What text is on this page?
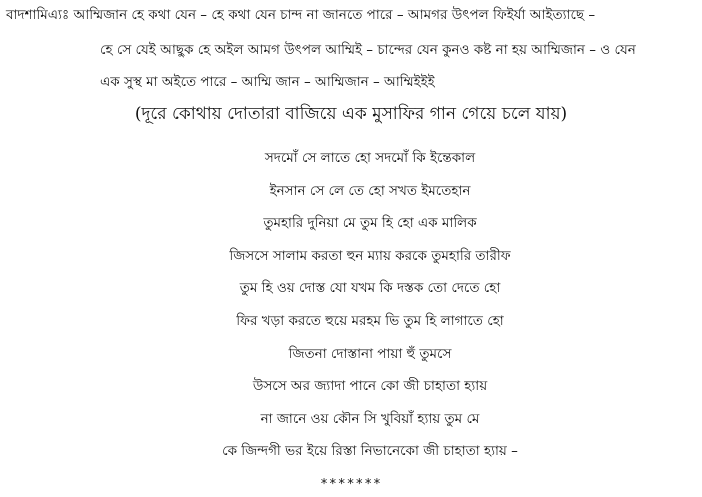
বাদশামিএ্যঃ আম্মিজান হে কথা যেন – হে কথা যেন চান্দ না জানতে পারে – আমগর উৎপল ফিইর্যা আইত্যাছে –

হে সে যেই আছুক হে অইল আমগ উৎপল আম্মিই – চান্দের যেন কুনও কষ্ট না হয় আম্মিজান – ও যেন

এক সুস্থ মা অইতে পারে – আম্মি জান – আম্মিজান – আম্মিইইই

(দূরে কোথায় দোতারা বাজিয়ে এক মুসাফির গান গেয়ে চলে যায়)

সদমোঁ সে লাতে হো সদমোঁ কি ইন্তেকাল
ইনসান সে লে তে হো সখত ইমতেহান
তুমহারি দুনিয়া মে তুম হি হো এক মালিক
জিসসে সালাম করতা হুন ম্যায় করকে তুমহারি তারীফ
তুম হি ওয় দোস্ত যো যখম কি দস্তক তো দেতে হো
ফির খড়া করতে হুয়ে মরহম ভি তুম হি লাগাতে হো
জিতনা দোস্তানা পায়া হুঁ তুমসে
উসসে অর জ্যাদা পানে কো জী চাহাতা হ্যায়
না জানে ওয় কৌন সি খুবিয়াঁ হ্যায় তুম মে
কে জিন্দগী ভর ইয়ে রিস্তা নিভানেকো জী চাহাতা হ্যায় –
*******
